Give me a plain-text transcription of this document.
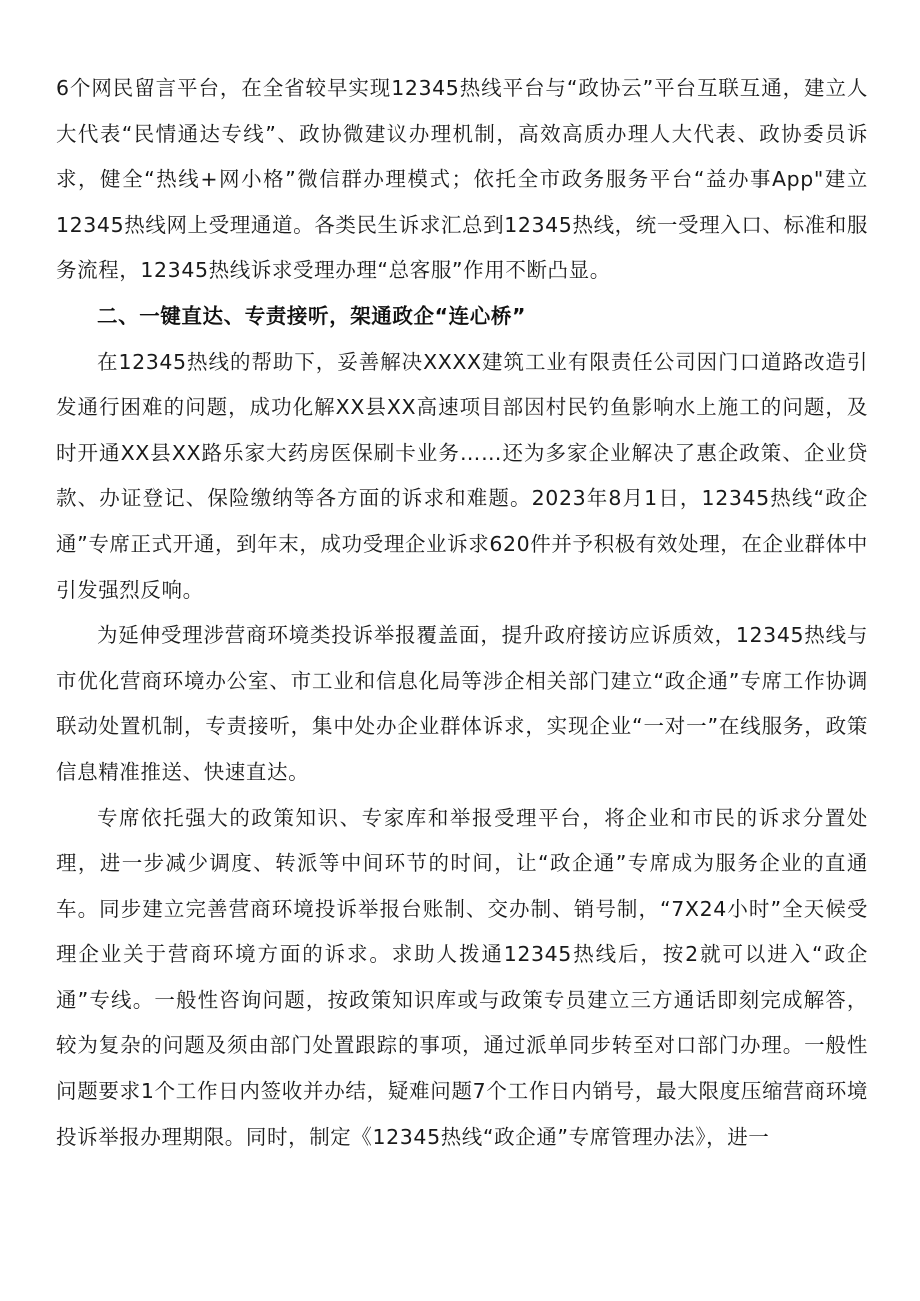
6个网民留言平台，在全省较早实现12345热线平台与“政协云”平台互联互通，建立人大代表“民情通达专线”、政协微建议办理机制，高效高质办理人大代表、政协委员诉求，健全“热线+网小格”微信群办理模式；依托全市政务服务平台“益办事App"建立12345热线网上受理通道。各类民生诉求汇总到12345热线，统一受理入口、标准和服务流程，12345热线诉求受理办理“总客服”作用不断凸显。

二、一键直达、专责接听，架通政企“连心桥”

在12345热线的帮助下，妥善解决XXXX建筑工业有限责任公司因门口道路改造引发通行困难的问题，成功化解XX县XX高速项目部因村民钓鱼影响水上施工的问题，及时开通XX县XX路乐家大药房医保刷卡业务……还为多家企业解决了惠企政策、企业贷款、办证登记、保险缴纳等各方面的诉求和难题。2023年8月1日，12345热线“政企通”专席正式开通，到年末，成功受理企业诉求620件并予积极有效处理，在企业群体中引发强烈反响。

为延伸受理涉营商环境类投诉举报覆盖面，提升政府接访应诉质效，12345热线与市优化营商环境办公室、市工业和信息化局等涉企相关部门建立“政企通”专席工作协调联动处置机制，专责接听，集中处办企业群体诉求，实现企业“一对一”在线服务，政策信息精准推送、快速直达。

专席依托强大的政策知识、专家库和举报受理平台，将企业和市民的诉求分置处理，进一步减少调度、转派等中间环节的时间，让“政企通”专席成为服务企业的直通车。同步建立完善营商环境投诉举报台账制、交办制、销号制，“7X24小时”全天候受理企业关于营商环境方面的诉求。求助人拨通12345热线后，按2就可以进入“政企通”专线。一般性咨询问题，按政策知识库或与政策专员建立三方通话即刻完成解答，较为复杂的问题及须由部门处置跟踪的事项，通过派单同步转至对口部门办理。一般性问题要求1个工作日内签收并办结，疑难问题7个工作日内销号，最大限度压缩营商环境投诉举报办理期限。同时，制定《12345热线“政企通”专席管理办法》，进一
